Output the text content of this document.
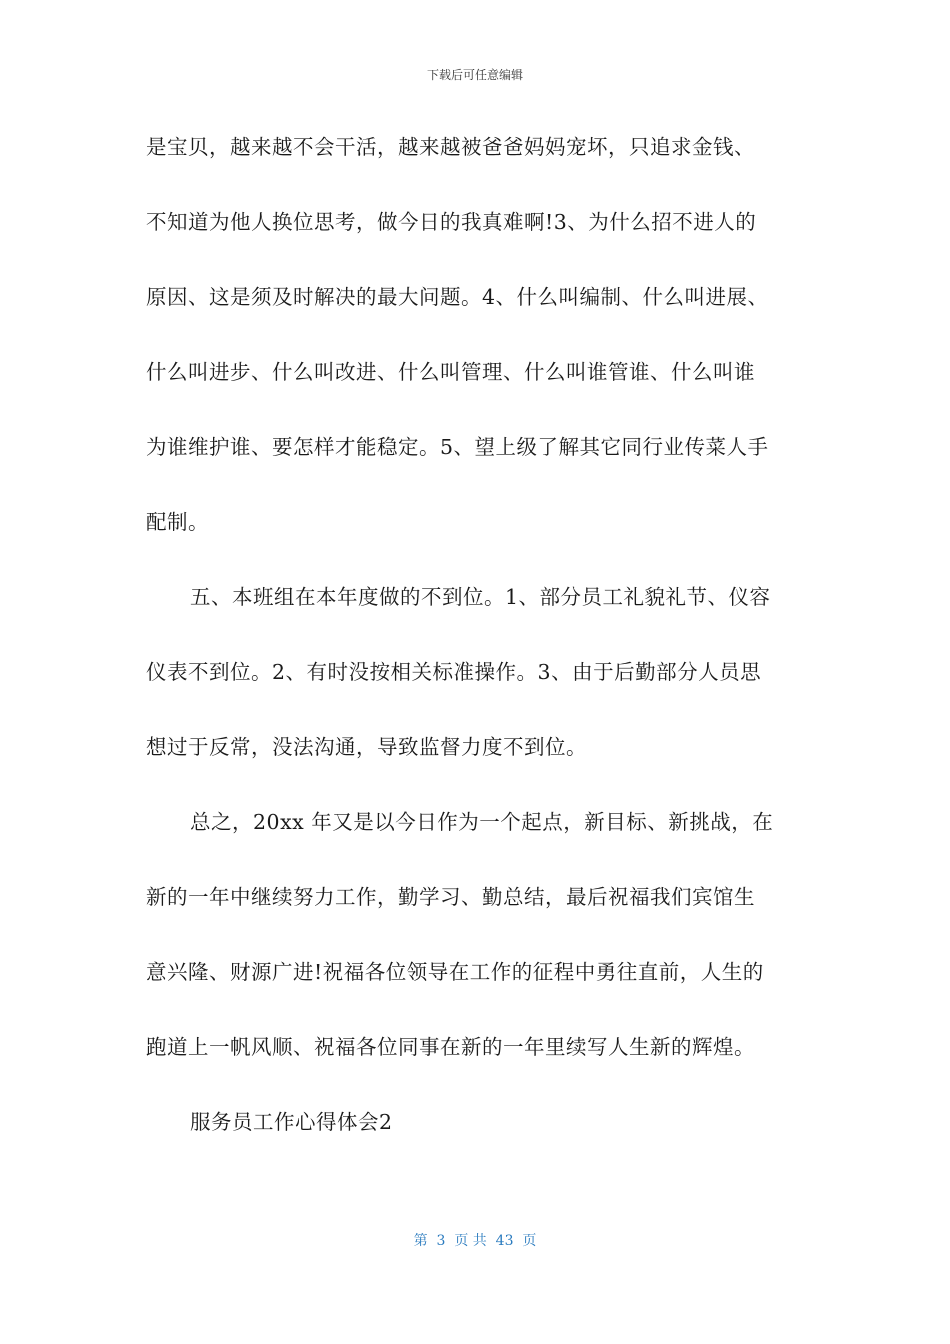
下载后可任意编辑
是宝贝，越来越不会干活，越来越被爸爸妈妈宠坏，只追求金钱、
不知道为他人换位思考，做今日的我真难啊!3、为什么招不进人的
原因、这是须及时解决的最大问题。4、什么叫编制、什么叫进展、
什么叫进步、什么叫改进、什么叫管理、什么叫谁管谁、什么叫谁
为谁维护谁、要怎样才能稳定。5、望上级了解其它同行业传菜人手
配制。
五、本班组在本年度做的不到位。1、部分员工礼貌礼节、仪容
仪表不到位。2、有时没按相关标准操作。3、由于后勤部分人员思
想过于反常，没法沟通，导致监督力度不到位。
总之，20xx 年又是以今日作为一个起点，新目标、新挑战，在
新的一年中继续努力工作，勤学习、勤总结，最后祝福我们宾馆生
意兴隆、财源广进!祝福各位领导在工作的征程中勇往直前，人生的
跑道上一帆风顺、祝福各位同事在新的一年里续写人生新的辉煌。
服务员工作心得体会2
第  3  页 共  43  页
